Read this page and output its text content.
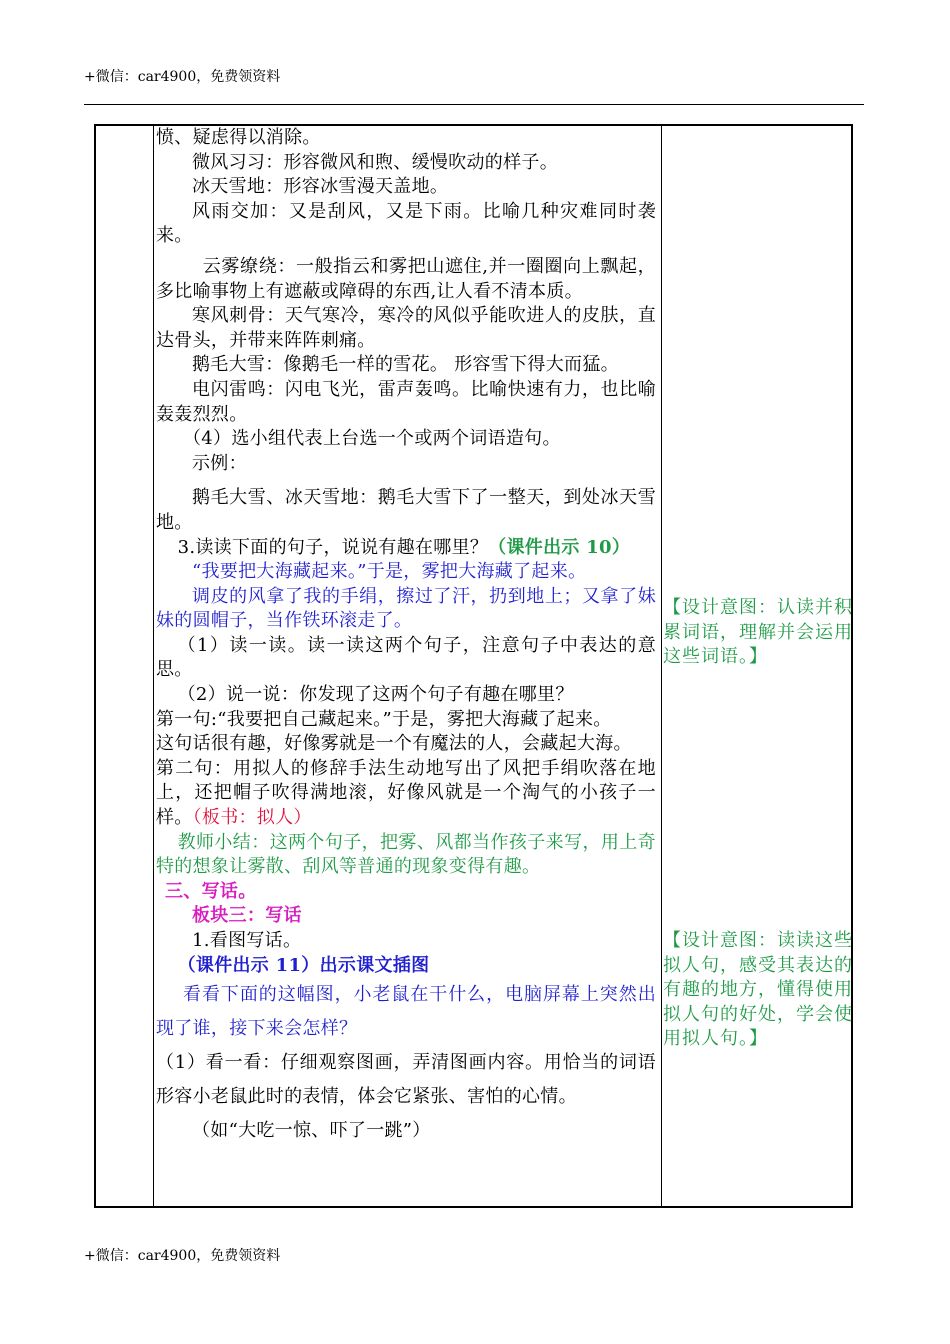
+微信：car4900，免费领资料

愤、疑虑得以消除。

微风习习：形容微风和煦、缓慢吹动的样子。

冰天雪地：形容冰雪漫天盖地。

风雨交加：又是刮风，又是下雨。比喻几种灾难同时袭来。

云雾缭绕：一般指云和雾把山遮住,并一圈圈向上飘起，多比喻事物上有遮蔽或障碍的东西,让人看不清本质。

寒风刺骨：天气寒冷，寒冷的风似乎能吹进人的皮肤，直达骨头，并带来阵阵刺痛。

鹅毛大雪：像鹅毛一样的雪花。 形容雪下得大而猛。

电闪雷鸣：闪电飞光，雷声轰鸣。比喻快速有力，也比喻轰轰烈烈。

（4）选小组代表上台选一个或两个词语造句。

示例：

鹅毛大雪、冰天雪地：鹅毛大雪下了一整天，到处冰天雪地。

3.读读下面的句子，说说有趣在哪里？（课件出示 10）

“我要把大海藏起来。”于是，雾把大海藏了起来。

调皮的风拿了我的手绢，擦过了汗，扔到地上；又拿了妹妹的圆帽子，当作铁环滚走了。

（1）读一读。读一读这两个句子，注意句子中表达的意思。

（2）说一说：你发现了这两个句子有趣在哪里？

第一句:“我要把自己藏起来。”于是，雾把大海藏了起来。

这句话很有趣，好像雾就是一个有魔法的人，会藏起大海。

第二句：用拟人的修辞手法生动地写出了风把手绢吹落在地上，还把帽子吹得满地滚，好像风就是一个淘气的小孩子一样。（板书：拟人）

教师小结：这两个句子，把雾、风都当作孩子来写，用上奇特的想象让雾散、刮风等普通的现象变得有趣。

三、写话。

板块三：写话

1.看图写话。

（课件出示 11）出示课文插图

看看下面的这幅图，小老鼠在干什么，电脑屏幕上突然出现了谁，接下来会怎样？

（1）看一看：仔细观察图画，弄清图画内容。用恰当的词语形容小老鼠此时的表情，体会它紧张、害怕的心情。

（如“大吃一惊、吓了一跳”）

【设计意图：认读并积累词语，理解并会运用这些词语。】
【设计意图：读读这些拟人句，感受其表达的有趣的地方，懂得使用拟人句的好处，学会使用拟人句。】
+微信：car4900，免费领资料
